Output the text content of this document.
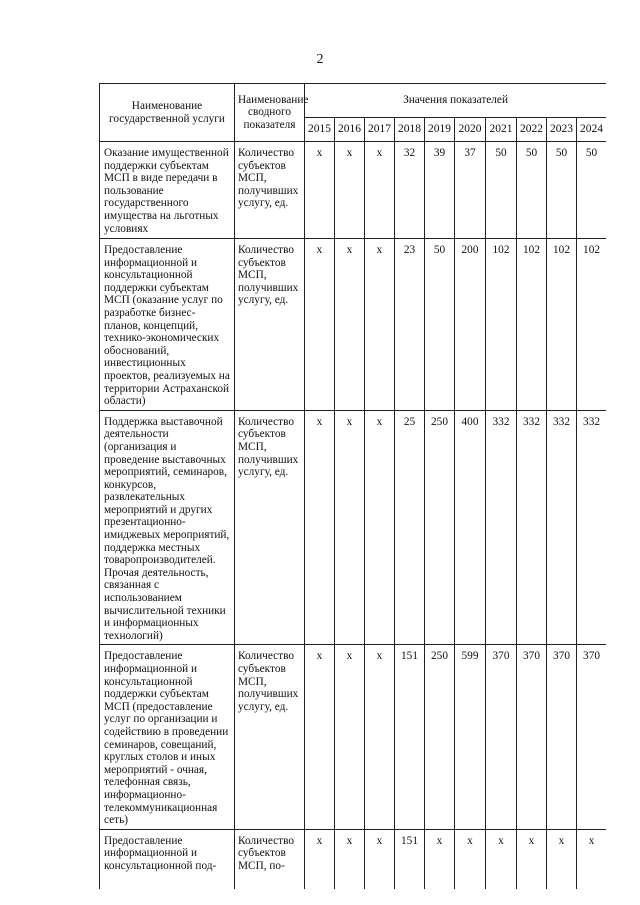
2
Наименование государственной услуги	Наименование сводного показателя	Значения показателей									
		2015	2016	2017	2018	2019	2020	2021	2022	2023	2024
Оказание имущественной поддержки субъектам МСП в виде передачи в пользование государственного имущества на льготных условиях	Количество субъектов МСП, получивших услугу, ед.	х	х	х	32	39	37	50	50	50	50
Предоставление информационной и консультационной поддержки субъектам МСП (оказание услуг по разработке бизнес-планов, концепций, технико-экономических обоснований, инвестиционных проектов, реализуемых на территории Астраханской области)	Количество субъектов МСП, получивших услугу, ед.	х	х	х	23	50	200	102	102	102	102
Поддержка выставочной деятельности (организация и проведение выставочных мероприятий, семинаров, конкурсов, развлекательных мероприятий и других презентационно-имиджевых мероприятий, поддержка местных товаропроизводителей. Прочая деятельность, связанная с использованием вычислительной техники и информационных технологий)	Количество субъектов МСП, получивших услугу, ед.	х	х	х	25	250	400	332	332	332	332
Предоставление информационной и консультационной поддержки субъектам МСП (предоставление услуг по организации и содействию в проведении семинаров, совещаний, круглых столов и иных мероприятий - очная, телефонная связь, информационно-телекоммуникационная сеть)	Количество субъектов МСП, получивших услугу, ед.	х	х	х	151	250	599	370	370	370	370
Предоставление информационной и консультационной под-	Количество субъектов МСП, по-	х	х	х	151	х	х	х	х	х	х
